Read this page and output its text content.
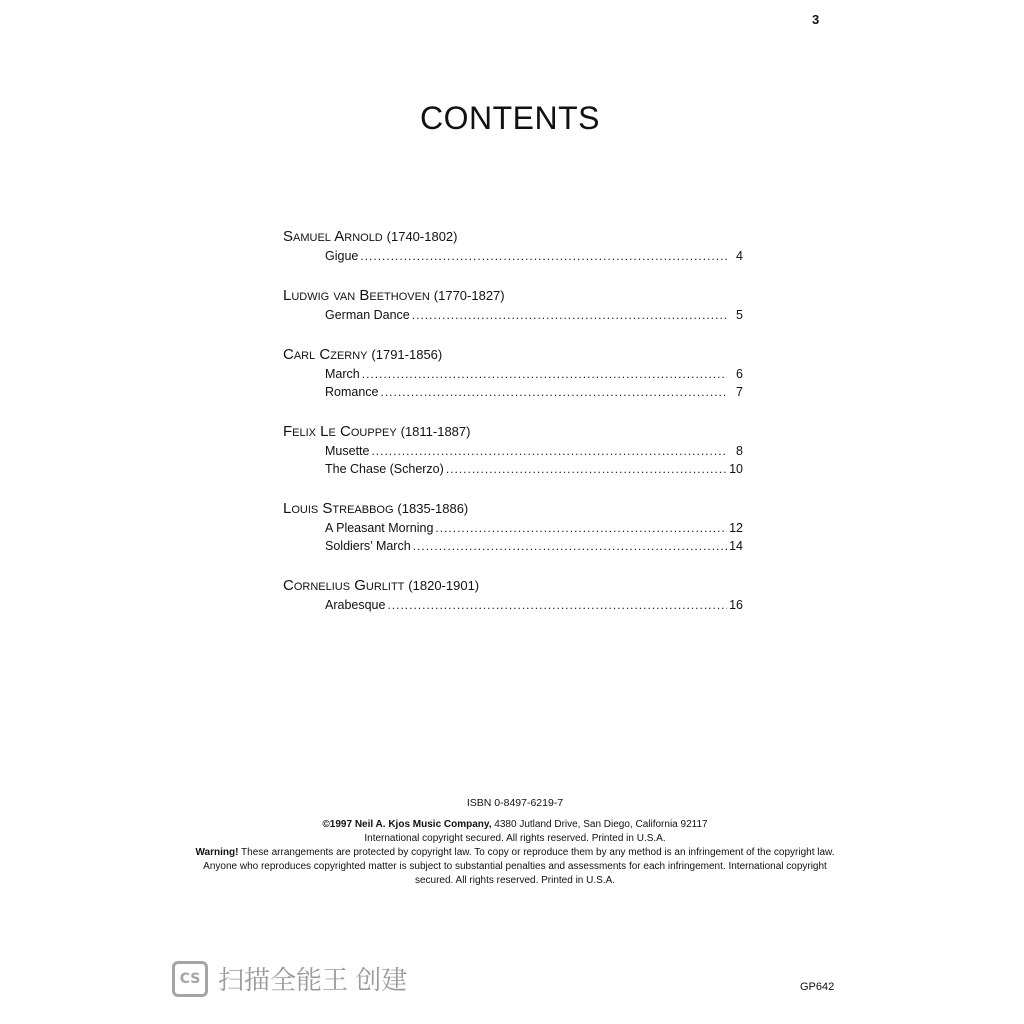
3
CONTENTS
Samuel Arnold (1740-1802)
Gigue .....	4
Ludwig van Beethoven (1770-1827)
German Dance .....	5
Carl Czerny (1791-1856)
March .....	6
Romance .....	7
Felix Le Couppey (1811-1887)
Musette .....	8
The Chase (Scherzo) .....	10
Louis Streabbog (1835-1886)
A Pleasant Morning .....	12
Soldiers’ March .....	14
Cornelius Gurlitt (1820-1901)
Arabesque .....	16
ISBN 0-8497-6219-7
©1997 Neil A. Kjos Music Company, 4380 Jutland Drive, San Diego, California 92117
International copyright secured. All rights reserved. Printed in U.S.A.
Warning! These arrangements are protected by copyright law. To copy or reproduce them by any method is an infringement of the copyright law. Anyone who reproduces copyrighted matter is subject to substantial penalties and assessments for each infringement. International copyright secured. All rights reserved. Printed in U.S.A.
GP642
CS 扫描全能王 创建
